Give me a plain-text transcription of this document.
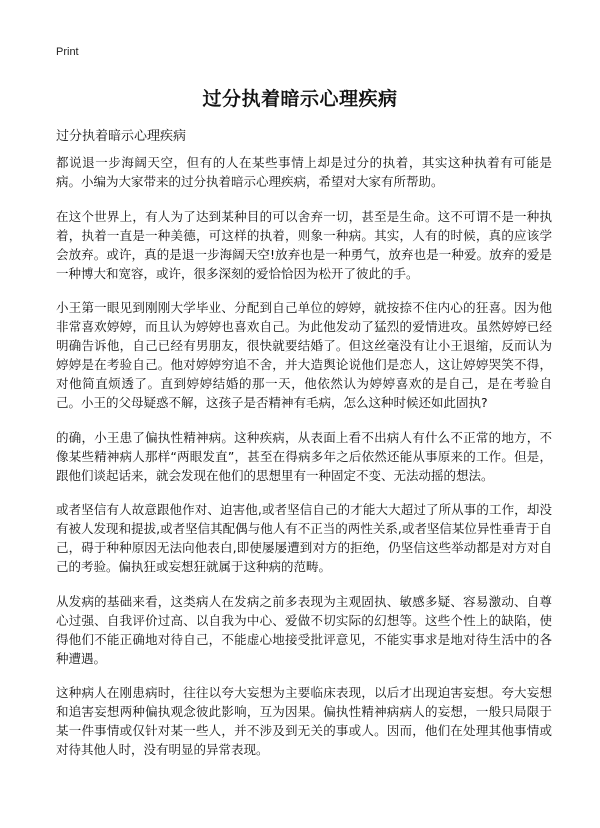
Print
过分执着暗示心理疾病
过分执着暗示心理疾病

都说退一步海阔天空，但有的人在某些事情上却是过分的执着，其实这种执着有可能是病。小编为大家带来的过分执着暗示心理疾病，希望对大家有所帮助。

在这个世界上，有人为了达到某种目的可以舍弃一切，甚至是生命。这不可谓不是一种执着，执着一直是一种美德，可这样的执着，则象一种病。其实，人有的时候，真的应该学会放弃。或许，真的是退一步海阔天空!放弃也是一种勇气，放弃也是一种爱。放弃的爱是一种博大和宽容，或许，很多深刻的爱恰恰因为松开了彼此的手。

小王第一眼见到刚刚大学毕业、分配到自己单位的婷婷，就按捺不住内心的狂喜。因为他非常喜欢婷婷，而且认为婷婷也喜欢自己。为此他发动了猛烈的爱情进攻。虽然婷婷已经明确告诉他，自己已经有男朋友，很快就要结婚了。但这丝毫没有让小王退缩，反而认为婷婷是在考验自己。他对婷婷穷追不舍，并大造舆论说他们是恋人，这让婷婷哭笑不得，对他简直烦透了。直到婷婷结婚的那一天，他依然认为婷婷喜欢的是自己，是在考验自己。小王的父母疑惑不解，这孩子是否精神有毛病，怎么这种时候还如此固执?

的确，小王患了偏执性精神病。这种疾病，从表面上看不出病人有什么不正常的地方，不像某些精神病人那样“两眼发直”，甚至在得病多年之后依然还能从事原来的工作。但是，跟他们谈起话来，就会发现在他们的思想里有一种固定不变、无法动摇的想法。

或者坚信有人故意跟他作对、迫害他,或者坚信自己的才能大大超过了所从事的工作，却没有被人发现和提拔,或者坚信其配偶与他人有不正当的两性关系,或者坚信某位异性垂青于自己，碍于种种原因无法向他表白,即使屡屡遭到对方的拒绝，仍坚信这些举动都是对方对自己的考验。偏执狂或妄想狂就属于这种病的范畴。

从发病的基础来看，这类病人在发病之前多表现为主观固执、敏感多疑、容易激动、自尊心过强、自我评价过高、以自我为中心、爱做不切实际的幻想等。这些个性上的缺陷，使得他们不能正确地对待自己，不能虚心地接受批评意见，不能实事求是地对待生活中的各种遭遇。

这种病人在刚患病时，往往以夸大妄想为主要临床表现，以后才出现迫害妄想。夸大妄想和追害妄想两种偏执观念彼此影响，互为因果。偏执性精神病病人的妄想，一般只局限于某一件事情或仅针对某一些人，并不涉及到无关的事或人。因而，他们在处理其他事情或对待其他人时，没有明显的异常表现。
